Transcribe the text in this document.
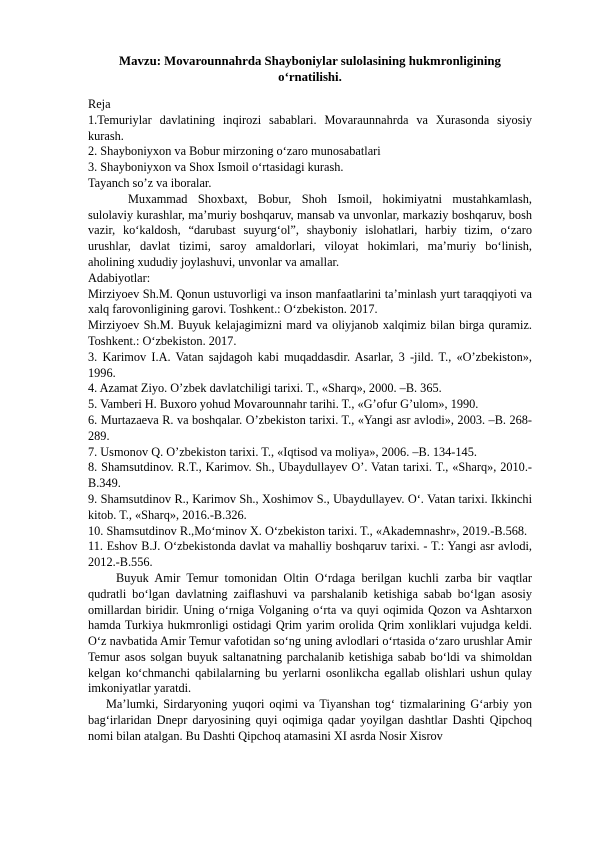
Mavzu: Movarounnahrda Shayboniylar sulolasining hukmronligining o‘rnatilishi.

Reja

1.Temuriylar davlatining inqirozi sabablari. Movaraunnahrda va Xurasonda siyosiy kurash.

2. Shayboniyxon va Bobur mirzoning o‘zaro munosabatlari

3. Shayboniyxon va Shox Ismoil o‘rtasidagi kurash.

Tayanch so’z va iboralar.

Muxammad Shoxbaxt, Bobur, Shoh Ismoil, hokimiyatni mustahkamlash, sulolaviy kurashlar, ma’muriy boshqaruv, mansab va unvonlar, markaziy boshqaruv, bosh vazir, ko‘kaldosh, “darubast suyurg‘ol”, shayboniy islohatlari, harbiy tizim, o‘zaro urushlar, davlat tizimi, saroy amaldorlari, viloyat hokimlari, ma’muriy bo‘linish, aholining xududiy joylashuvi, unvonlar va amallar.

Adabiyotlar:

Mirziyoev Sh.M. Qonun ustuvorligi va inson manfaatlarini ta’minlash yurt taraqqiyoti va xalq farovonligining garovi. Toshkent.: O‘zbekiston. 2017.

Mirziyoev Sh.M. Buyuk kelajagimizni mard va oliyjanob xalqimiz bilan birga quramiz. Toshkent.: O‘zbekiston. 2017.

3. Karimov I.A. Vatan sajdagoh kabi muqaddasdir. Asarlar, 3 -jild. T., «O’zbekiston», 1996.

4. Azamat Ziyo. O’zbek davlatchiligi tarixi. T., «Sharq», 2000. –B. 365.

5. Vamberi H. Buxoro yohud Movarounnahr tarihi. T., «G’ofur G’ulom», 1990.

6. Murtazaeva R. va boshqalar. O’zbekiston tarixi. T., «Yangi asr avlodi», 2003. –B. 268-289.

7. Usmonov Q. O’zbekiston tarixi. T., «Iqtisod va moliya», 2006. –B. 134-145.

8. Shamsutdinov. R.T., Karimov. Sh., Ubaydullayev O’. Vatan tarixi. T., «Sharq», 2010.-B.349.

9. Shamsutdinov R., Karimov Sh., Xoshimov S., Ubaydullayev. O‘. Vatan tarixi. Ikkinchi kitob. T., «Sharq», 2016.-B.326.

10. Shamsutdinov R.,Mo‘minov X. O‘zbekiston tarixi. T., «Akademnashr», 2019.-B.568.

11. Eshov B.J. O‘zbekistonda davlat va mahalliy boshqaruv tarixi. - T.: Yangi asr avlodi, 2012.-B.556.

Buyuk Amir Temur tomonidan Oltin O‘rdaga berilgan kuchli zarba bir vaqtlar qudratli bo‘lgan davlatning zaiflashuvi va parshalanib ketishiga sabab bo‘lgan asosiy omillardan biridir. Uning o‘rniga Volganing o‘rta va quyi oqimida Qozon va Ashtarxon hamda Turkiya hukmronligi ostidagi Qrim yarim orolida Qrim xonliklari vujudga keldi. O‘z navbatida Amir Temur vafotidan so‘ng uning avlodlari o‘rtasida o‘zaro urushlar Amir Temur asos solgan buyuk saltanatning parchalanib ketishiga sabab bo‘ldi va shimoldan kelgan ko‘chmanchi qabilalarning bu yerlarni osonlikcha egallab olishlari ushun qulay imkoniyatlar yaratdi.

Ma’lumki, Sirdaryoning yuqori oqimi va Tiyanshan tog‘ tizmalarining G‘arbiy yon bag‘irlaridan Dnepr daryosining quyi oqimiga qadar yoyilgan dashtlar Dashti Qipchoq nomi bilan atalgan. Bu Dashti Qipchoq atamasini XI asrda Nosir Xisrov
